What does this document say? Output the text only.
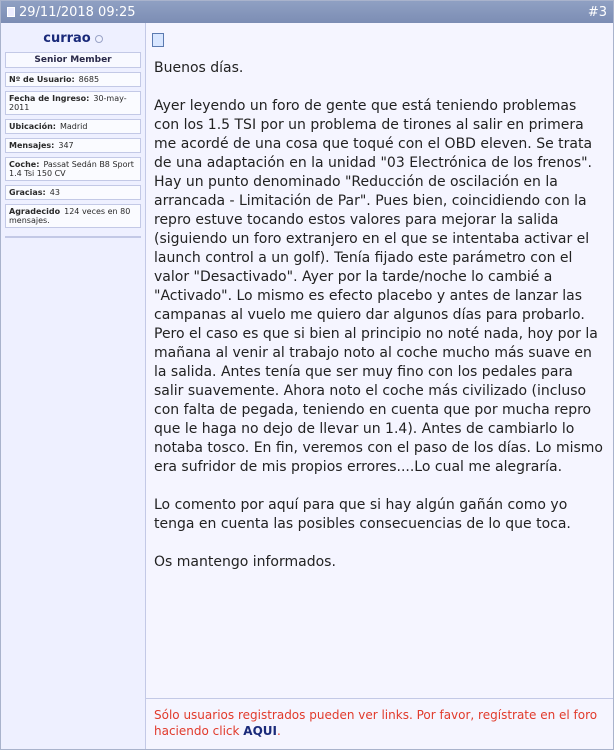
29/11/2018 09:25	#3
currao
Senior Member
Nº de Usuario: 8685
Fecha de Ingreso: 30-may-2011
Ubicación: Madrid
Mensajes: 347
Coche: Passat Sedán B8 Sport 1.4 Tsi 150 CV
Gracias: 43
Agradecido 124 veces en 80 mensajes.

Buenos días.

Ayer leyendo un foro de gente que está teniendo problemas con los 1.5 TSI por un problema de tirones al salir en primera me acordé de una cosa que toqué con el OBD eleven. Se trata de una adaptación en la unidad "03 Electrónica de los frenos". Hay un punto denominado "Reducción de oscilación en la arrancada - Limitación de Par". Pues bien, coincidiendo con la repro estuve tocando estos valores para mejorar la salida (siguiendo un foro extranjero en el que se intentaba activar el launch control a un golf). Tenía fijado este parámetro con el valor "Desactivado". Ayer por la tarde/noche lo cambié a "Activado". Lo mismo es efecto placebo y antes de lanzar las campanas al vuelo me quiero dar algunos días para probarlo. Pero el caso es que si bien al principio no noté nada, hoy por la mañana al venir al trabajo noto al coche mucho más suave en la salida. Antes tenía que ser muy fino con los pedales para salir suavemente. Ahora noto el coche más civilizado (incluso con falta de pegada, teniendo en cuenta que por mucha repro que le haga no dejo de llevar un 1.4). Antes de cambiarlo lo notaba tosco. En fin, veremos con el paso de los días. Lo mismo era sufridor de mis propios errores....Lo cual me alegraría.

Lo comento por aquí para que si hay algún gañán como yo tenga en cuenta las posibles consecuencias de lo que toca.

Os mantengo informados.

Sólo usuarios registrados pueden ver links. Por favor, regístrate en el foro haciendo click AQUI.
